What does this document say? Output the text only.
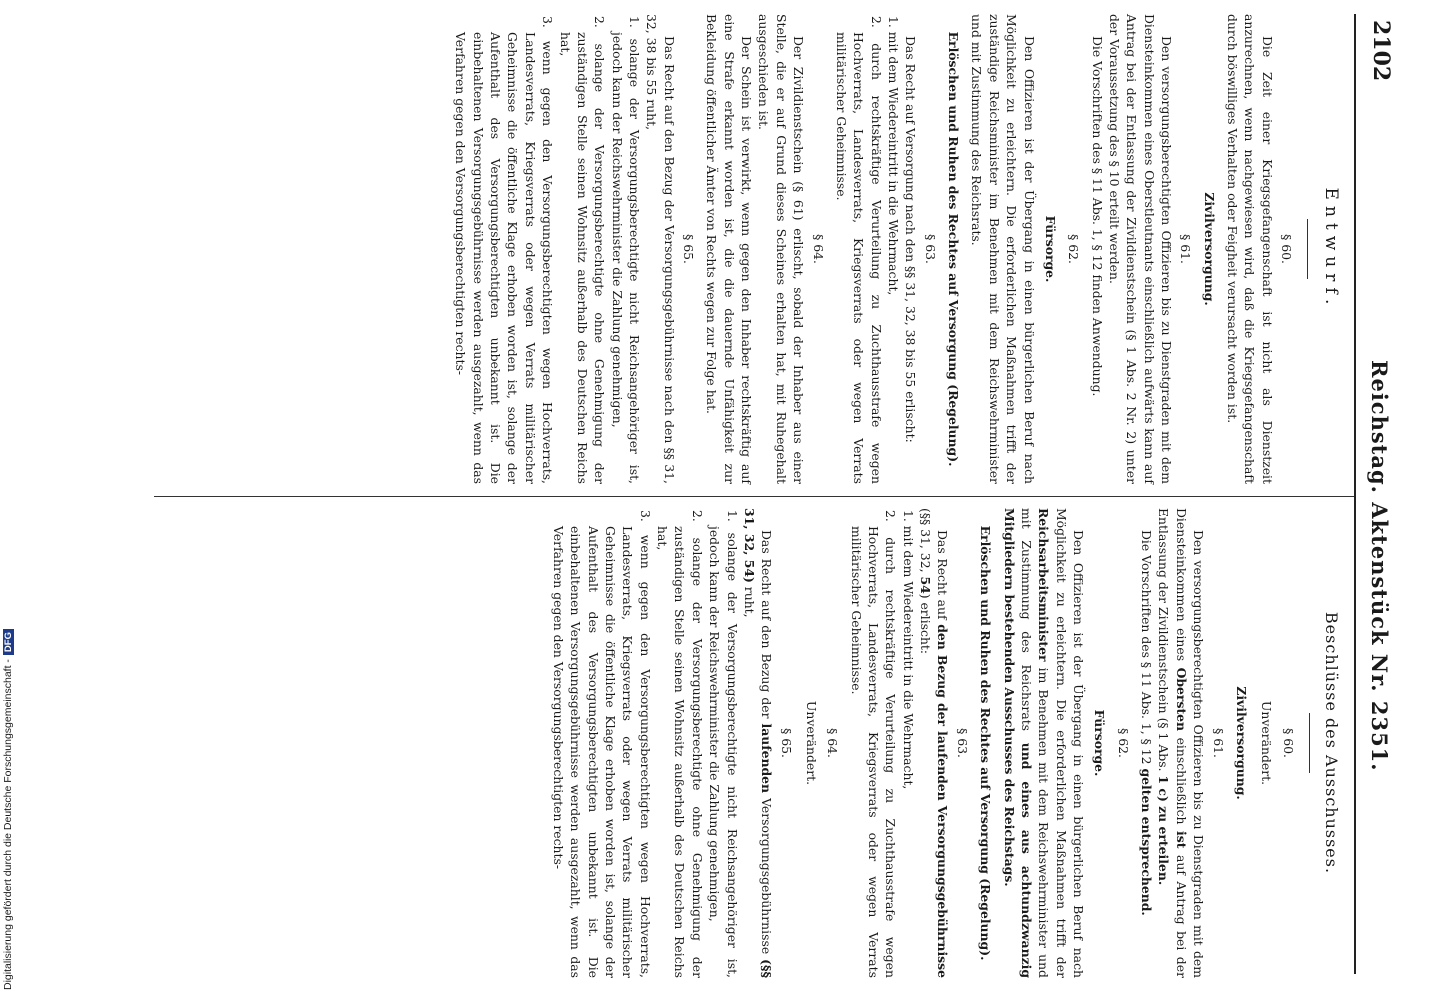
2102
Reichstag. Aktenstück Nr. 2351.
Entwurf.
§ 60.

Die Zeit einer Kriegsgefangenschaft ist nicht als Dienstzeit anzurechnen, wenn nachgewiesen wird, daß die Kriegsgefangenschaft durch böswilliges Verhalten oder Feigheit verursacht worden ist.

Zivilversorgung.
§ 61.

Den versorgungsberechtigten Offizieren bis zu Dienstgraden mit dem Diensteinkommen eines Oberstleutnants einschließlich aufwärts kann auf Antrag bei der Entlassung der Zivildienstschein (§ 1 Abs. 2 Nr. 2) unter der Voraussetzung des § 10 erteilt werden.

Die Vorschriften des § 11 Abs. 1, § 12 finden Anwendung.

§ 62.
Fürsorge.

Den Offizieren ist der Übergang in einen bürgerlichen Beruf nach Möglichkeit zu erleichtern. Die erforderlichen Maßnahmen trifft der zuständige Reichsminister im Benehmen mit dem Reichswehrminister und mit Zustimmung des Reichsrats.

Erlöschen und Ruhen des Rechtes auf Versorgung (Regelung).
§ 63.

Das Recht auf Versorgung nach den §§ 31, 32, 38 bis 55 erlischt:

1. mit dem Wiedereintritt in die Wehrmacht,

2. durch rechtskräftige Verurteilung zu Zuchthausstrafe wegen Hochverrats, Landesverrats, Kriegsverrats oder wegen Verrats militärischer Geheimnisse.

§ 64.

Der Zivildienstschein (§ 61) erlischt, sobald der Inhaber aus einer Stelle, die er auf Grund dieses Scheines erhalten hat, mit Ruhegehalt ausgeschieden ist.

Der Schein ist verwirkt, wenn gegen den Inhaber rechtskräftig auf eine Strafe erkannt worden ist, die die dauernde Unfähigkeit zur Bekleidung öffentlicher Ämter von Rechts wegen zur Folge hat.

§ 65.

Das Recht auf den Bezug der Versorgungsgebührnisse nach den §§ 31, 32, 38 bis 55 ruht,

1. solange der Versorgungsberechtigte nicht Reichsangehöriger ist, jedoch kann der Reichswehrminister die Zahlung genehmigen,

2. solange der Versorgungsberechtigte ohne Genehmigung der zuständigen Stelle seinen Wohnsitz außerhalb des Deutschen Reichs hat,

3. wenn gegen den Versorgungsberechtigten wegen Hochverrats, Landesverrats, Kriegsverrats oder wegen Verrats militärischer Geheimnisse die öffentliche Klage erhoben worden ist, solange der Aufenthalt des Versorgungsberechtigten unbekannt ist. Die einbehaltenen Versorgungsgebührnisse werden ausgezahlt, wenn das Verfahren gegen den Versorgungsberechtigten rechts-

Beschlüsse des Ausschusses.
§ 60.
Unverändert.
Zivilversorgung.
§ 61.

Den versorgungsberechtigten Offizieren bis zu Dienstgraden mit dem Diensteinkommen eines Obersten einschließlich ist auf Antrag bei der Entlassung der Zivildienstschein (§ 1 Abs. 1 c) zu erteilen.

Die Vorschriften des § 11 Abs. 1, § 12 gelten entsprechend.

§ 62.
Fürsorge.

Den Offizieren ist der Übergang in einen bürgerlichen Beruf nach Möglichkeit zu erleichtern. Die erforderlichen Maßnahmen trifft der Reichsarbeitsminister im Benehmen mit dem Reichswehrminister und mit Zustimmung des Reichsrats und eines aus achtundzwanzig Mitgliedern bestehenden Ausschusses des Reichstags.

Erlöschen und Ruhen des Rechtes auf Versorgung (Regelung).
§ 63.

Das Recht auf den Bezug der laufenden Versorgungsgebührnisse (§§ 31, 32, 54) erlischt:

1. mit dem Wiedereintritt in die Wehrmacht,

2. durch rechtskräftige Verurteilung zu Zuchthausstrafe wegen Hochverrats, Landesverrats, Kriegsverrats oder wegen Verrats militärischer Geheimnisse.

§ 64.
Unverändert.
§ 65.

Das Recht auf den Bezug der laufenden Versorgungsgebührnisse (§§ 31, 32, 54) ruht,

1. solange der Versorgungsberechtigte nicht Reichsangehöriger ist, jedoch kann der Reichswehrminister die Zahlung genehmigen,

2. solange der Versorgungsberechtigte ohne Genehmigung der zuständigen Stelle seinen Wohnsitz außerhalb des Deutschen Reichs hat,

3. wenn gegen den Versorgungsberechtigten wegen Hochverrats, Landesverrats, Kriegsverrats oder wegen Verrats militärischer Geheimnisse die öffentliche Klage erhoben worden ist, solange der Aufenthalt des Versorgungsberechtigten unbekannt ist. Die einbehaltenen Versorgungsgebührnisse werden ausgezahlt, wenn das Verfahren gegen den Versorgungsberechtigten rechts-

Digitalisierung gefördert durch die Deutsche Forschungsgemeinschaft -DFG
